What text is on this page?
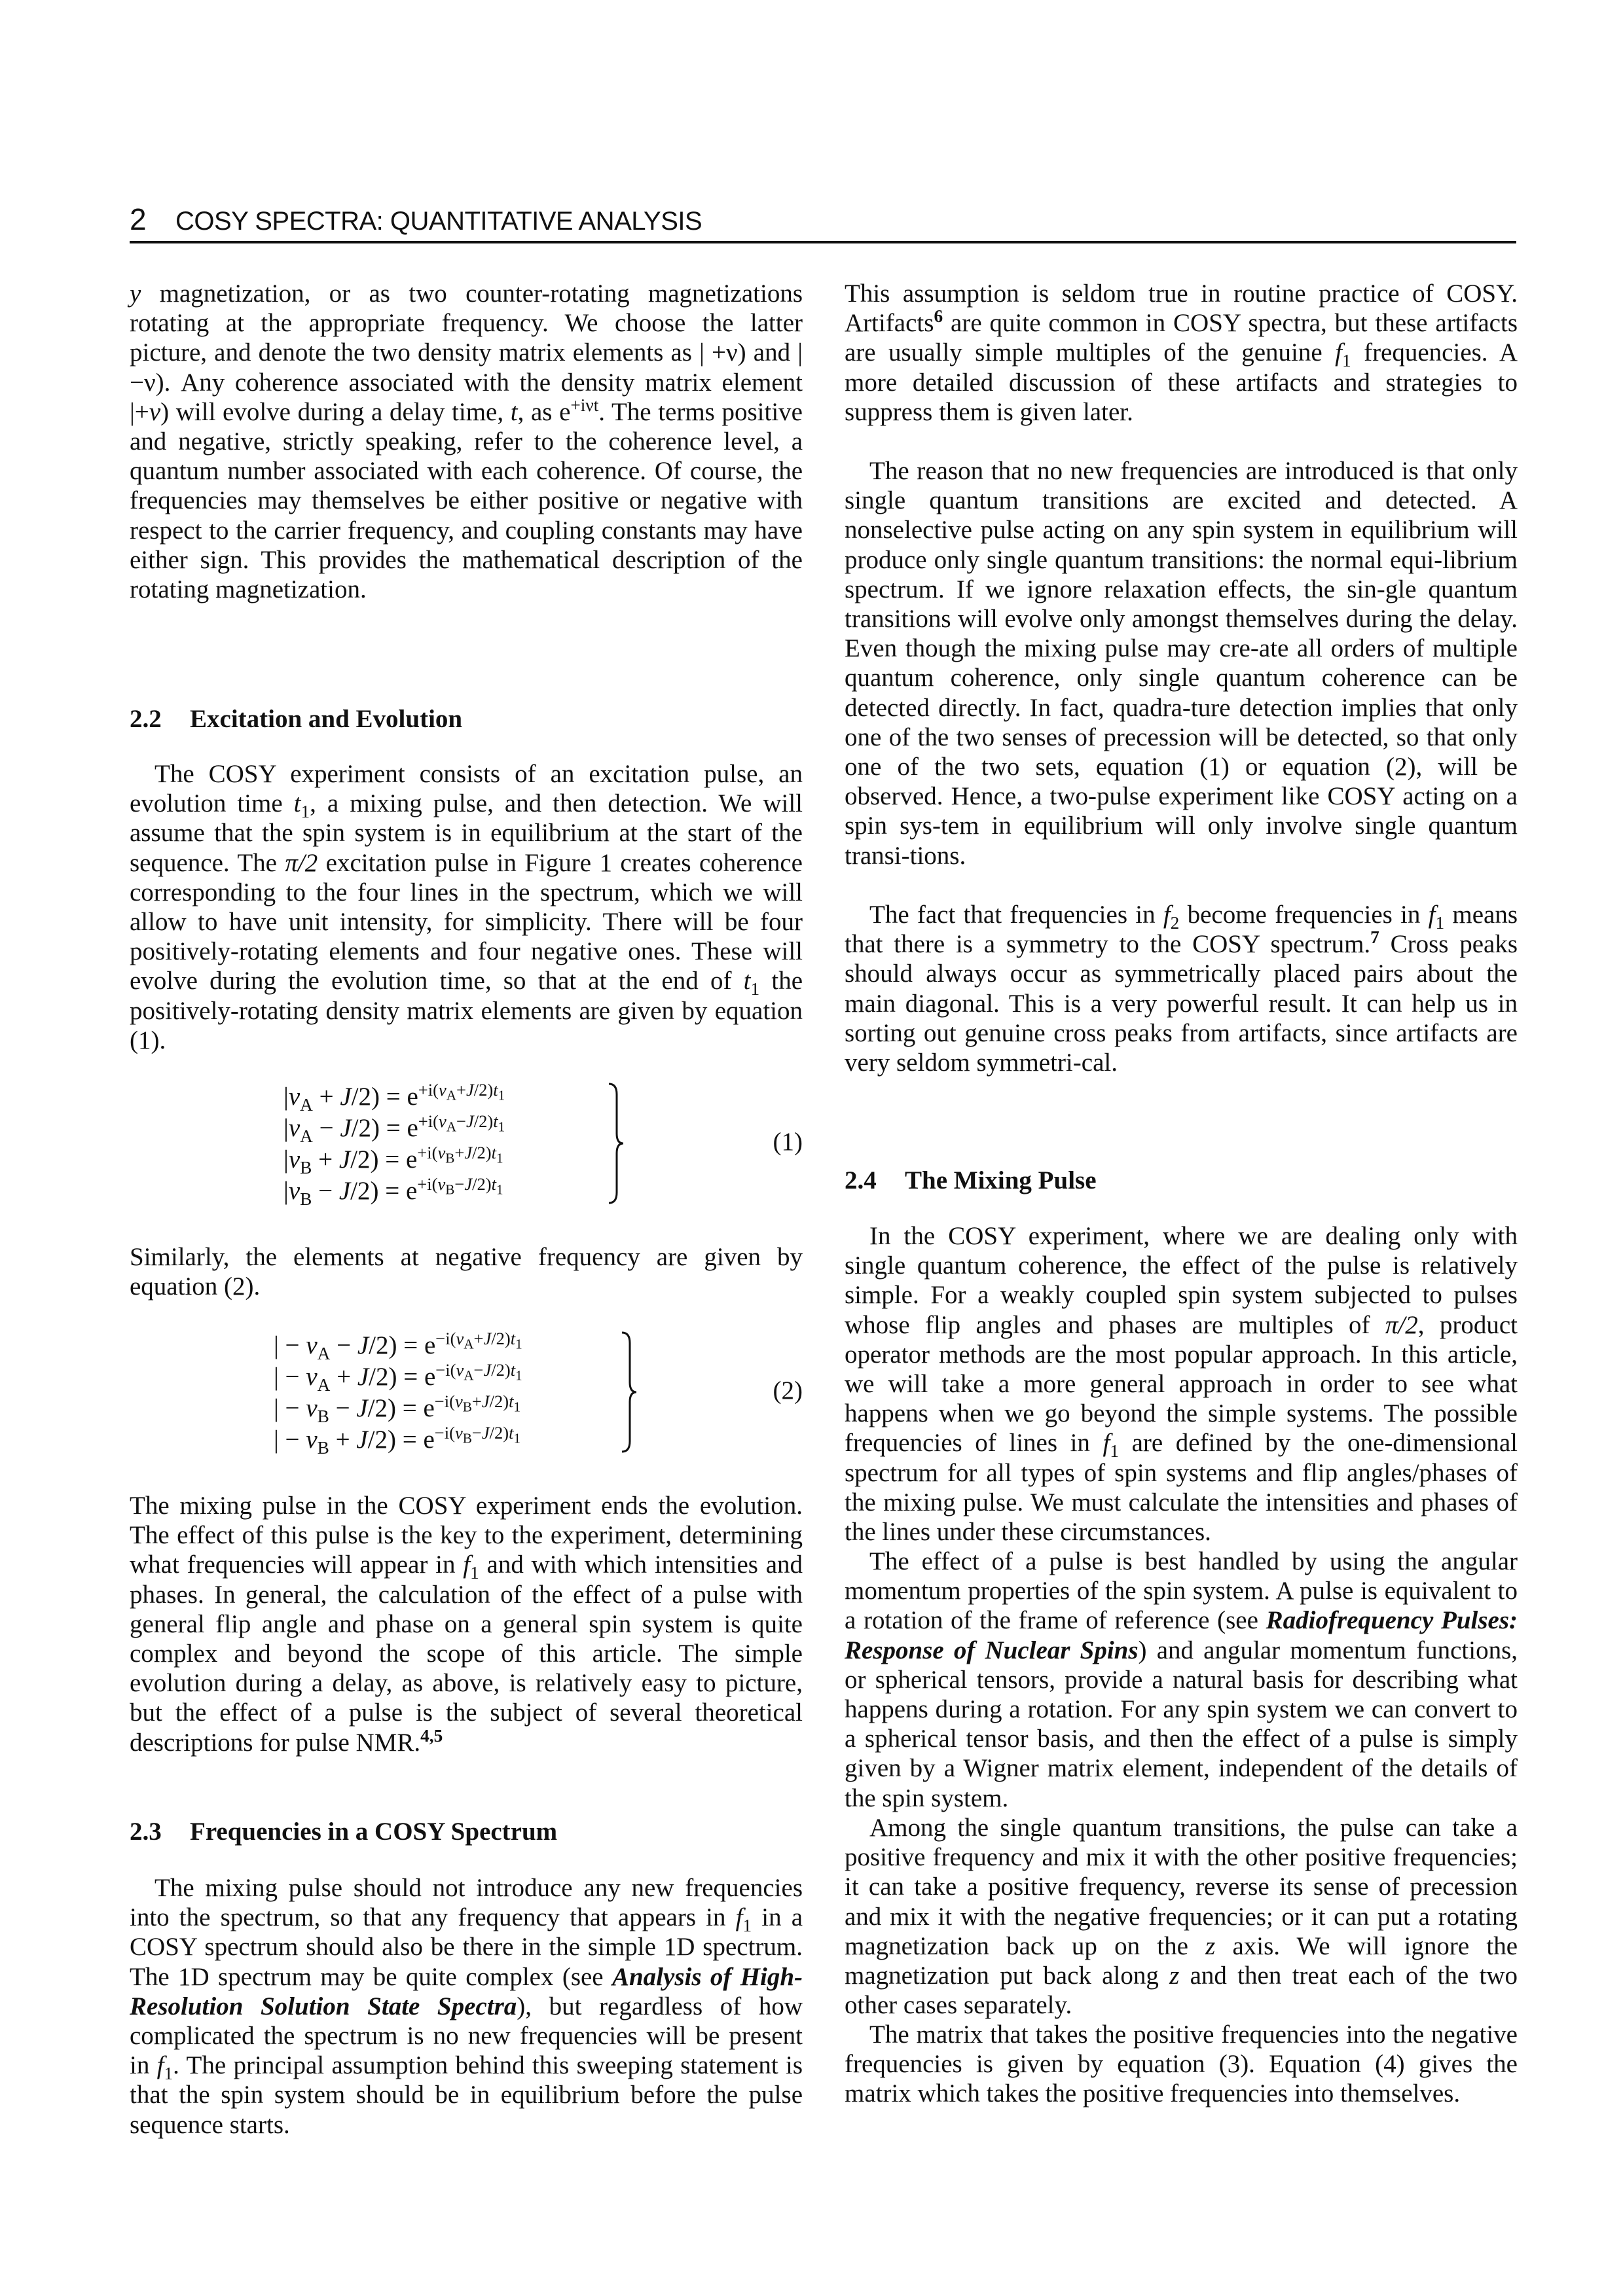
2 COSY SPECTRA: QUANTITATIVE ANALYSIS

y magnetization, or as two counter-rotating magnetizations rotating at the appropriate frequency. We choose the latter picture, and denote the two density matrix elements as | +ν) and | −ν). Any coherence associated with the density matrix element |+ν) will evolve during a delay time, t, as $e^{+i\nu t}$. The terms positive and negative, strictly speaking, refer to the coherence level, a quantum number associated with each coherence. Of course, the frequencies may themselves be either positive or negative with respect to the carrier frequency, and coupling constants may have either sign. This provides the mathematical description of the rotating magnetization.

2.2 Excitation and Evolution

The COSY experiment consists of an excitation pulse, an evolution time $t_1$, a mixing pulse, and then detection. We will assume that the spin system is in equilibrium at the start of the sequence. The π/2 excitation pulse in Figure 1 creates coherence corresponding to the four lines in the spectrum, which we will allow to have unit intensity, for simplicity. There will be four positively-rotating elements and four negative ones. These will evolve during the evolution time, so that at the end of $t_1$ the positively-rotating density matrix elements are given by equation (1).

$|\nu_A + J/2) = e^{+i(\nu_A+J/2)t_1}$
$|\nu_A - J/2) = e^{+i(\nu_A-J/2)t_1}$
$|\nu_B + J/2) = e^{+i(\nu_B+J/2)t_1}$
$|\nu_B - J/2) = e^{+i(\nu_B-J/2)t_1}$
(1)

Similarly, the elements at negative frequency are given by equation (2).

| − $\nu_A - J/2) = e^{-i(\nu_A+J/2)t_1}$
| − $\nu_A + J/2) = e^{-i(\nu_A-J/2)t_1}$
| − $\nu_B - J/2) = e^{-i(\nu_B+J/2)t_1}$
| − $\nu_B + J/2) = e^{-i(\nu_B-J/2)t_1}$
(2)

The mixing pulse in the COSY experiment ends the evolution. The effect of this pulse is the key to the experiment, determining what frequencies will appear in $f_1$ and with which intensities and phases. In general, the calculation of the effect of a pulse with general flip angle and phase on a general spin system is quite complex and beyond the scope of this article. The simple evolution during a delay, as above, is relatively easy to picture, but the effect of a pulse is the subject of several theoretical descriptions for pulse NMR.$^{4,5}$

2.3 Frequencies in a COSY Spectrum

The mixing pulse should not introduce any new frequencies into the spectrum, so that any frequency that appears in $f_1$ in a COSY spectrum should also be there in the simple 1D spectrum. The 1D spectrum may be quite complex (see Analysis of High-Resolution Solution State Spectra), but regardless of how complicated the spectrum is no new frequencies will be present in $f_1$. The principal assumption behind this sweeping statement is that the spin system should be in equilibrium before the pulse sequence starts.

This assumption is seldom true in routine practice of COSY. Artifacts$^6$ are quite common in COSY spectra, but these artifacts are usually simple multiples of the genuine $f_1$ frequencies. A more detailed discussion of these artifacts and strategies to suppress them is given later.

The reason that no new frequencies are introduced is that only single quantum transitions are excited and detected. A nonselective pulse acting on any spin system in equilibrium will produce only single quantum transitions: the normal equi-librium spectrum. If we ignore relaxation effects, the sin-gle quantum transitions will evolve only amongst themselves during the delay. Even though the mixing pulse may cre-ate all orders of multiple quantum coherence, only single quantum coherence can be detected directly. In fact, quadra-ture detection implies that only one of the two senses of precession will be detected, so that only one of the two sets, equation (1) or equation (2), will be observed. Hence, a two-pulse experiment like COSY acting on a spin sys-tem in equilibrium will only involve single quantum transi-tions.

The fact that frequencies in $f_2$ become frequencies in $f_1$ means that there is a symmetry to the COSY spectrum.$^7$ Cross peaks should always occur as symmetrically placed pairs about the main diagonal. This is a very powerful result. It can help us in sorting out genuine cross peaks from artifacts, since artifacts are very seldom symmetri-cal.

2.4 The Mixing Pulse

In the COSY experiment, where we are dealing only with single quantum coherence, the effect of the pulse is relatively simple. For a weakly coupled spin system subjected to pulses whose flip angles and phases are multiples of π/2, product operator methods are the most popular approach. In this article, we will take a more general approach in order to see what happens when we go beyond the simple systems. The possible frequencies of lines in $f_1$ are defined by the one-dimensional spectrum for all types of spin systems and flip angles/phases of the mixing pulse. We must calculate the intensities and phases of the lines under these circumstances.

The effect of a pulse is best handled by using the angular momentum properties of the spin system. A pulse is equivalent to a rotation of the frame of reference (see Radiofrequency Pulses: Response of Nuclear Spins) and angular momentum functions, or spherical tensors, provide a natural basis for describing what happens during a rotation. For any spin system we can convert to a spherical tensor basis, and then the effect of a pulse is simply given by a Wigner matrix element, independent of the details of the spin system.

Among the single quantum transitions, the pulse can take a positive frequency and mix it with the other positive frequencies; it can take a positive frequency, reverse its sense of precession and mix it with the negative frequencies; or it can put a rotating magnetization back up on the z axis. We will ignore the magnetization put back along z and then treat each of the two other cases separately.

The matrix that takes the positive frequencies into the negative frequencies is given by equation (3). Equation (4) gives the matrix which takes the positive frequencies into themselves.
